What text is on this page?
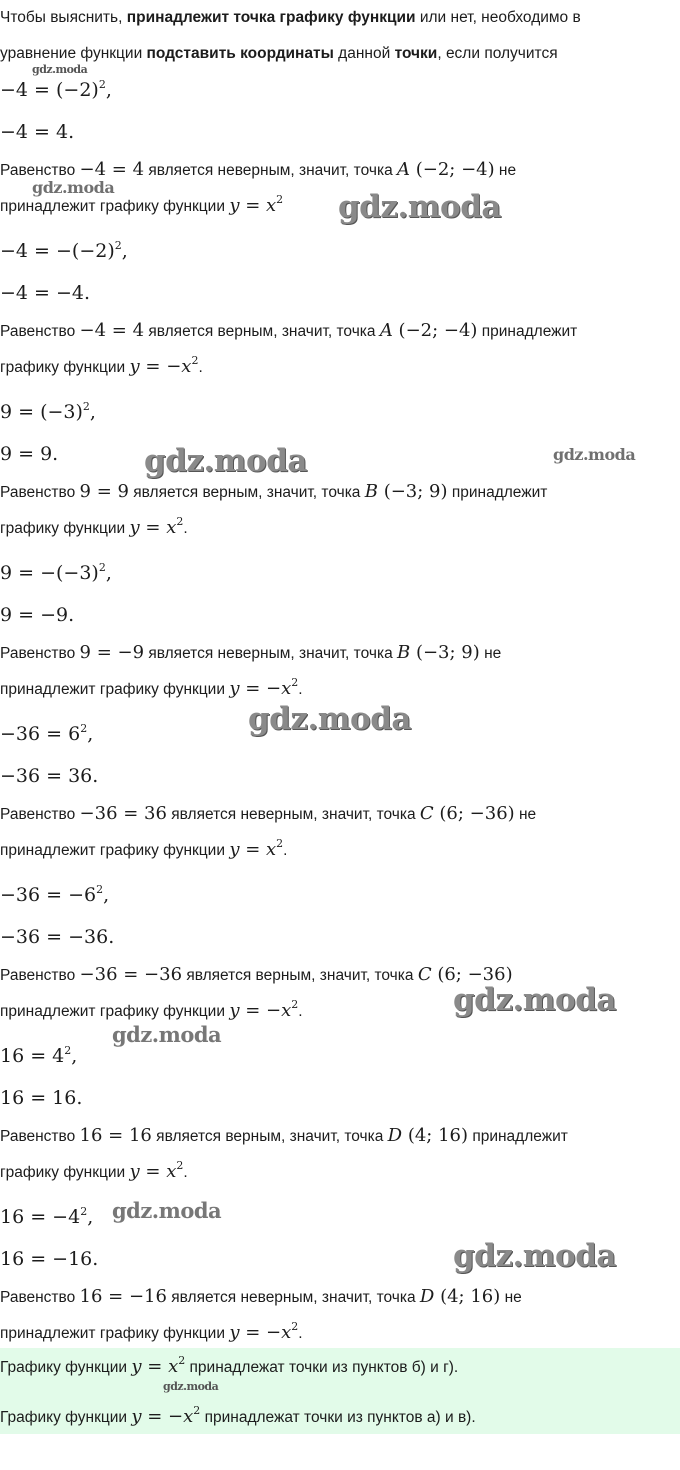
Чтобы выяснить, принадлежит точка графику функции или нет, необходимо в
уравнение функции подставить координаты данной точки, если получится
$-4 = (-2)^2$,
−4 = 4.
Равенство −4 = 4 является неверным, значит, точка A (−2; −4) не
принадлежит графику функции $y = x^2$
$-4 = -(-2)^2$,
−4 = −4.
Равенство −4 = 4 является верным, значит, точка A (−2; −4) принадлежит
графику функции $y = -x^2$.
$9 = (-3)^2$,
9 = 9.
Равенство 9 = 9 является верным, значит, точка B (−3; 9) принадлежит
графику функции $y = x^2$.
$9 = -(-3)^2$,
9 = −9.
Равенство 9 = −9 является неверным, значит, точка B (−3; 9) не
принадлежит графику функции $y = -x^2$.
$-36 = 6^2$,
−36 = 36.
Равенство −36 = 36 является неверным, значит, точка C (6; −36) не
принадлежит графику функции $y = x^2$.
$-36 = -6^2$,
−36 = −36.
Равенство −36 = −36 является верным, значит, точка C (6; −36)
принадлежит графику функции $y = -x^2$.
$16 = 4^2$,
16 = 16.
Равенство 16 = 16 является верным, значит, точка D (4; 16) принадлежит
графику функции $y = x^2$.
$16 = -4^2$,
16 = −16.
Равенство 16 = −16 является неверным, значит, точка D (4; 16) не
принадлежит графику функции $y = -x^2$.
Графику функции $y = x^2$ принадлежат точки из пунктов б) и г).
Графику функции $y = -x^2$ принадлежат точки из пунктов а) и в).
gdz.moda
gdz.moda
gdz.moda
gdz.moda	gdz.moda
gdz.moda
gdz.moda
gdz.moda
gdz.moda
gdz.moda
gdz.moda
